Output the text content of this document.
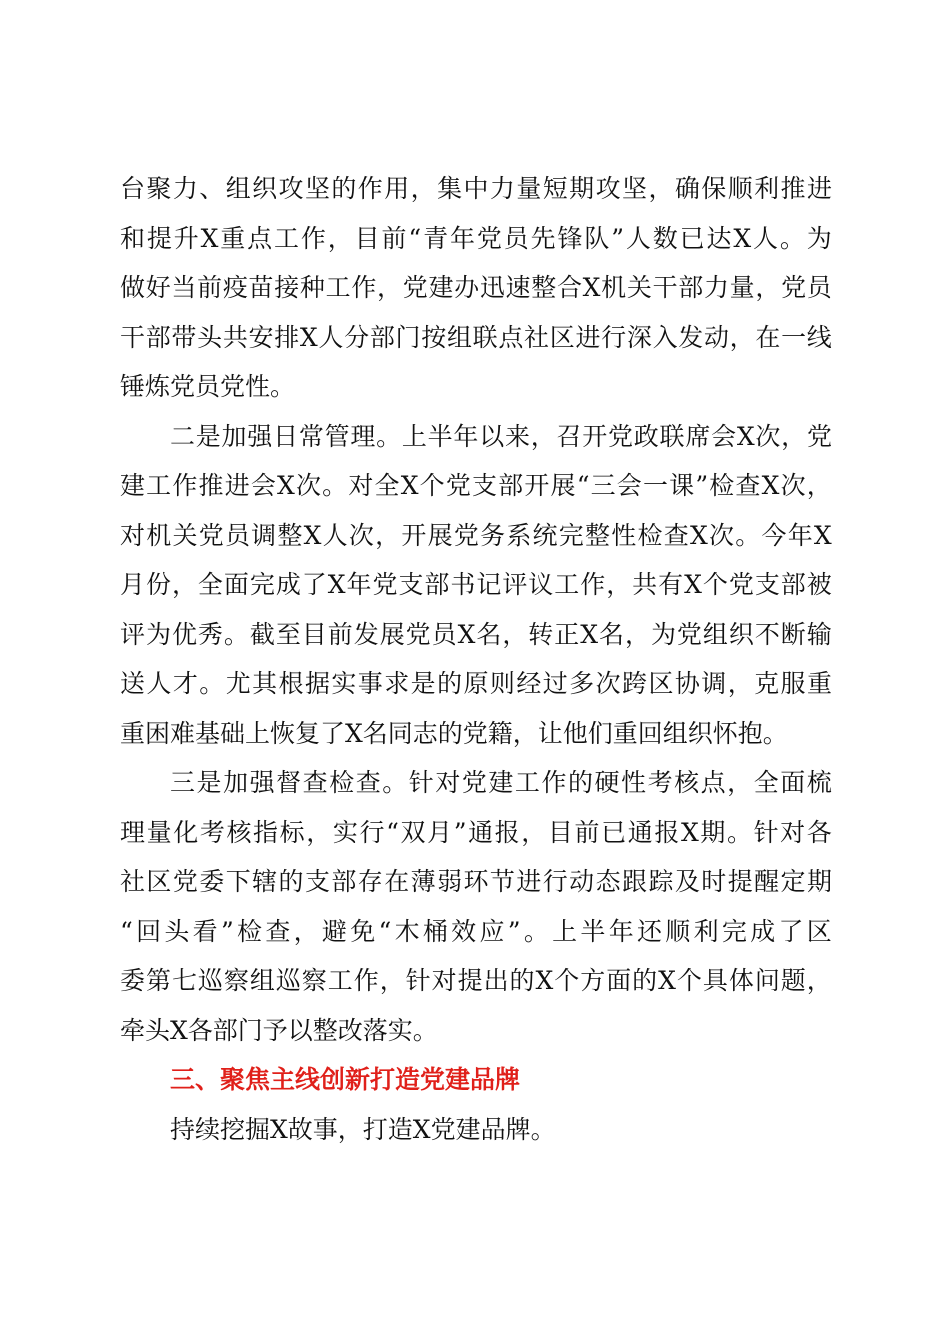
台 聚 力 、 组 织 攻 坚 的 作 用 ， 集 中 力 量 短 期 攻 坚 ， 确 保 顺 利 推 进
和 提 升 X 重 点 工 作 ， 目 前 “ 青 年 党 员 先 锋 队 ” 人 数 已 达 X 人 。 为
做 好 当 前 疫 苗 接 种 工 作 ， 党 建 办 迅 速 整 合 X 机 关 干 部 力 量 ， 党 员
干 部 带 头 共 安 排 X 人 分 部 门 按 组 联 点 社 区 进 行 深 入 发 动 ， 在 一 线
锤炼党员党性。
二 是 加 强 日 常 管 理 。 上 半 年 以 来 ， 召 开 党 政 联 席 会 X 次 ， 党
建 工 作 推 进 会 X 次 。 对 全 X 个 党 支 部 开 展 “ 三 会 一 课 ” 检 查 X 次 ，
对 机 关 党 员 调 整 X 人 次 ， 开 展 党 务 系 统 完 整 性 检 查 X 次 。 今 年 X
月 份 ， 全 面 完 成 了 X 年 党 支 部 书 记 评 议 工 作 ， 共 有 X 个 党 支 部 被
评 为 优 秀 。 截 至 目 前 发 展 党 员 X 名 ， 转 正 X 名 ， 为 党 组 织 不 断 输
送 人 才 。 尤 其 根 据 实 事 求 是 的 原 则 经 过 多 次 跨 区 协 调 ， 克 服 重
重困难基础上恢复了X名同志的党籍，让他们重回组织怀抱。
三 是 加 强 督 查 检 查 。 针 对 党 建 工 作 的 硬 性 考 核 点 ， 全 面 梳
理 量 化 考 核 指 标 ， 实 行 “ 双 月 ” 通 报 ， 目 前 已 通 报 X 期 。 针 对 各
社 区 党 委 下 辖 的 支 部 存 在 薄 弱 环 节 进 行 动 态 跟 踪 及 时 提 醒 定 期
“ 回 头 看 ” 检 查 ， 避 免 “ 木 桶 效 应 ” 。 上 半 年 还 顺 利 完 成 了 区
委 第 七 巡 察 组 巡 察 工 作 ， 针 对 提 出 的 X 个 方 面 的 X 个 具 体 问 题 ，
牵头X各部门予以整改落实。
三、聚焦主线创新打造党建品牌
持续挖掘X故事，打造X党建品牌。
